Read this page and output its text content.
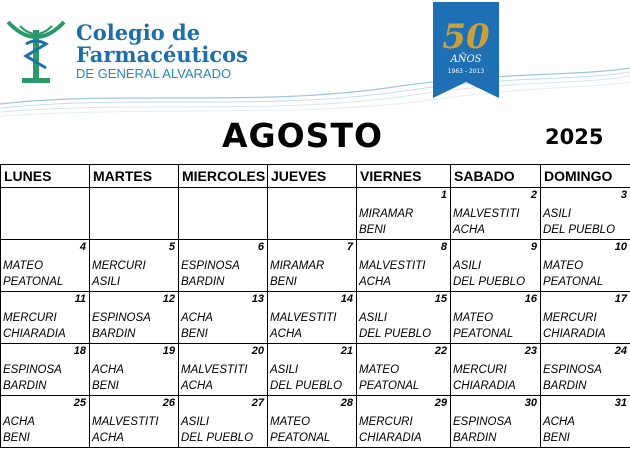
Colegio de
Farmacéuticos
DE GENERAL ALVARADO
50
AÑOS
1963 - 2013
AGOSTO	2025
LUNES	MARTES	MIERCOLES	JUEVES	VIERNES	SABADO	DOMINGO

				1
MIRAMAR
BENI	2
MALVESTITI
ACHA	3
ASILI
DEL PUEBLO

4
MATEO
PEATONAL	5
MERCURI
ASILI	6
ESPINOSA
BARDIN	7
MIRAMAR
BENI	8
MALVESTITI
ACHA	9
ASILI
DEL PUEBLO	10
MATEO
PEATONAL

11
MERCURI
CHIARADIA	12
ESPINOSA
BARDIN	13
ACHA
BENI	14
MALVESTITI
ACHA	15
ASILI
DEL PUEBLO	16
MATEO
PEATONAL	17
MERCURI
CHIARADIA

18
ESPINOSA
BARDIN	19
ACHA
BENI	20
MALVESTITI
ACHA	21
ASILI
DEL PUEBLO	22
MATEO
PEATONAL	23
MERCURI
CHIARADIA	24
ESPINOSA
BARDIN

25
ACHA
BENI	26
MALVESTITI
ACHA	27
ASILI
DEL PUEBLO	28
MATEO
PEATONAL	29
MERCURI
CHIARADIA	30
ESPINOSA
BARDIN	31
ACHA
BENI
